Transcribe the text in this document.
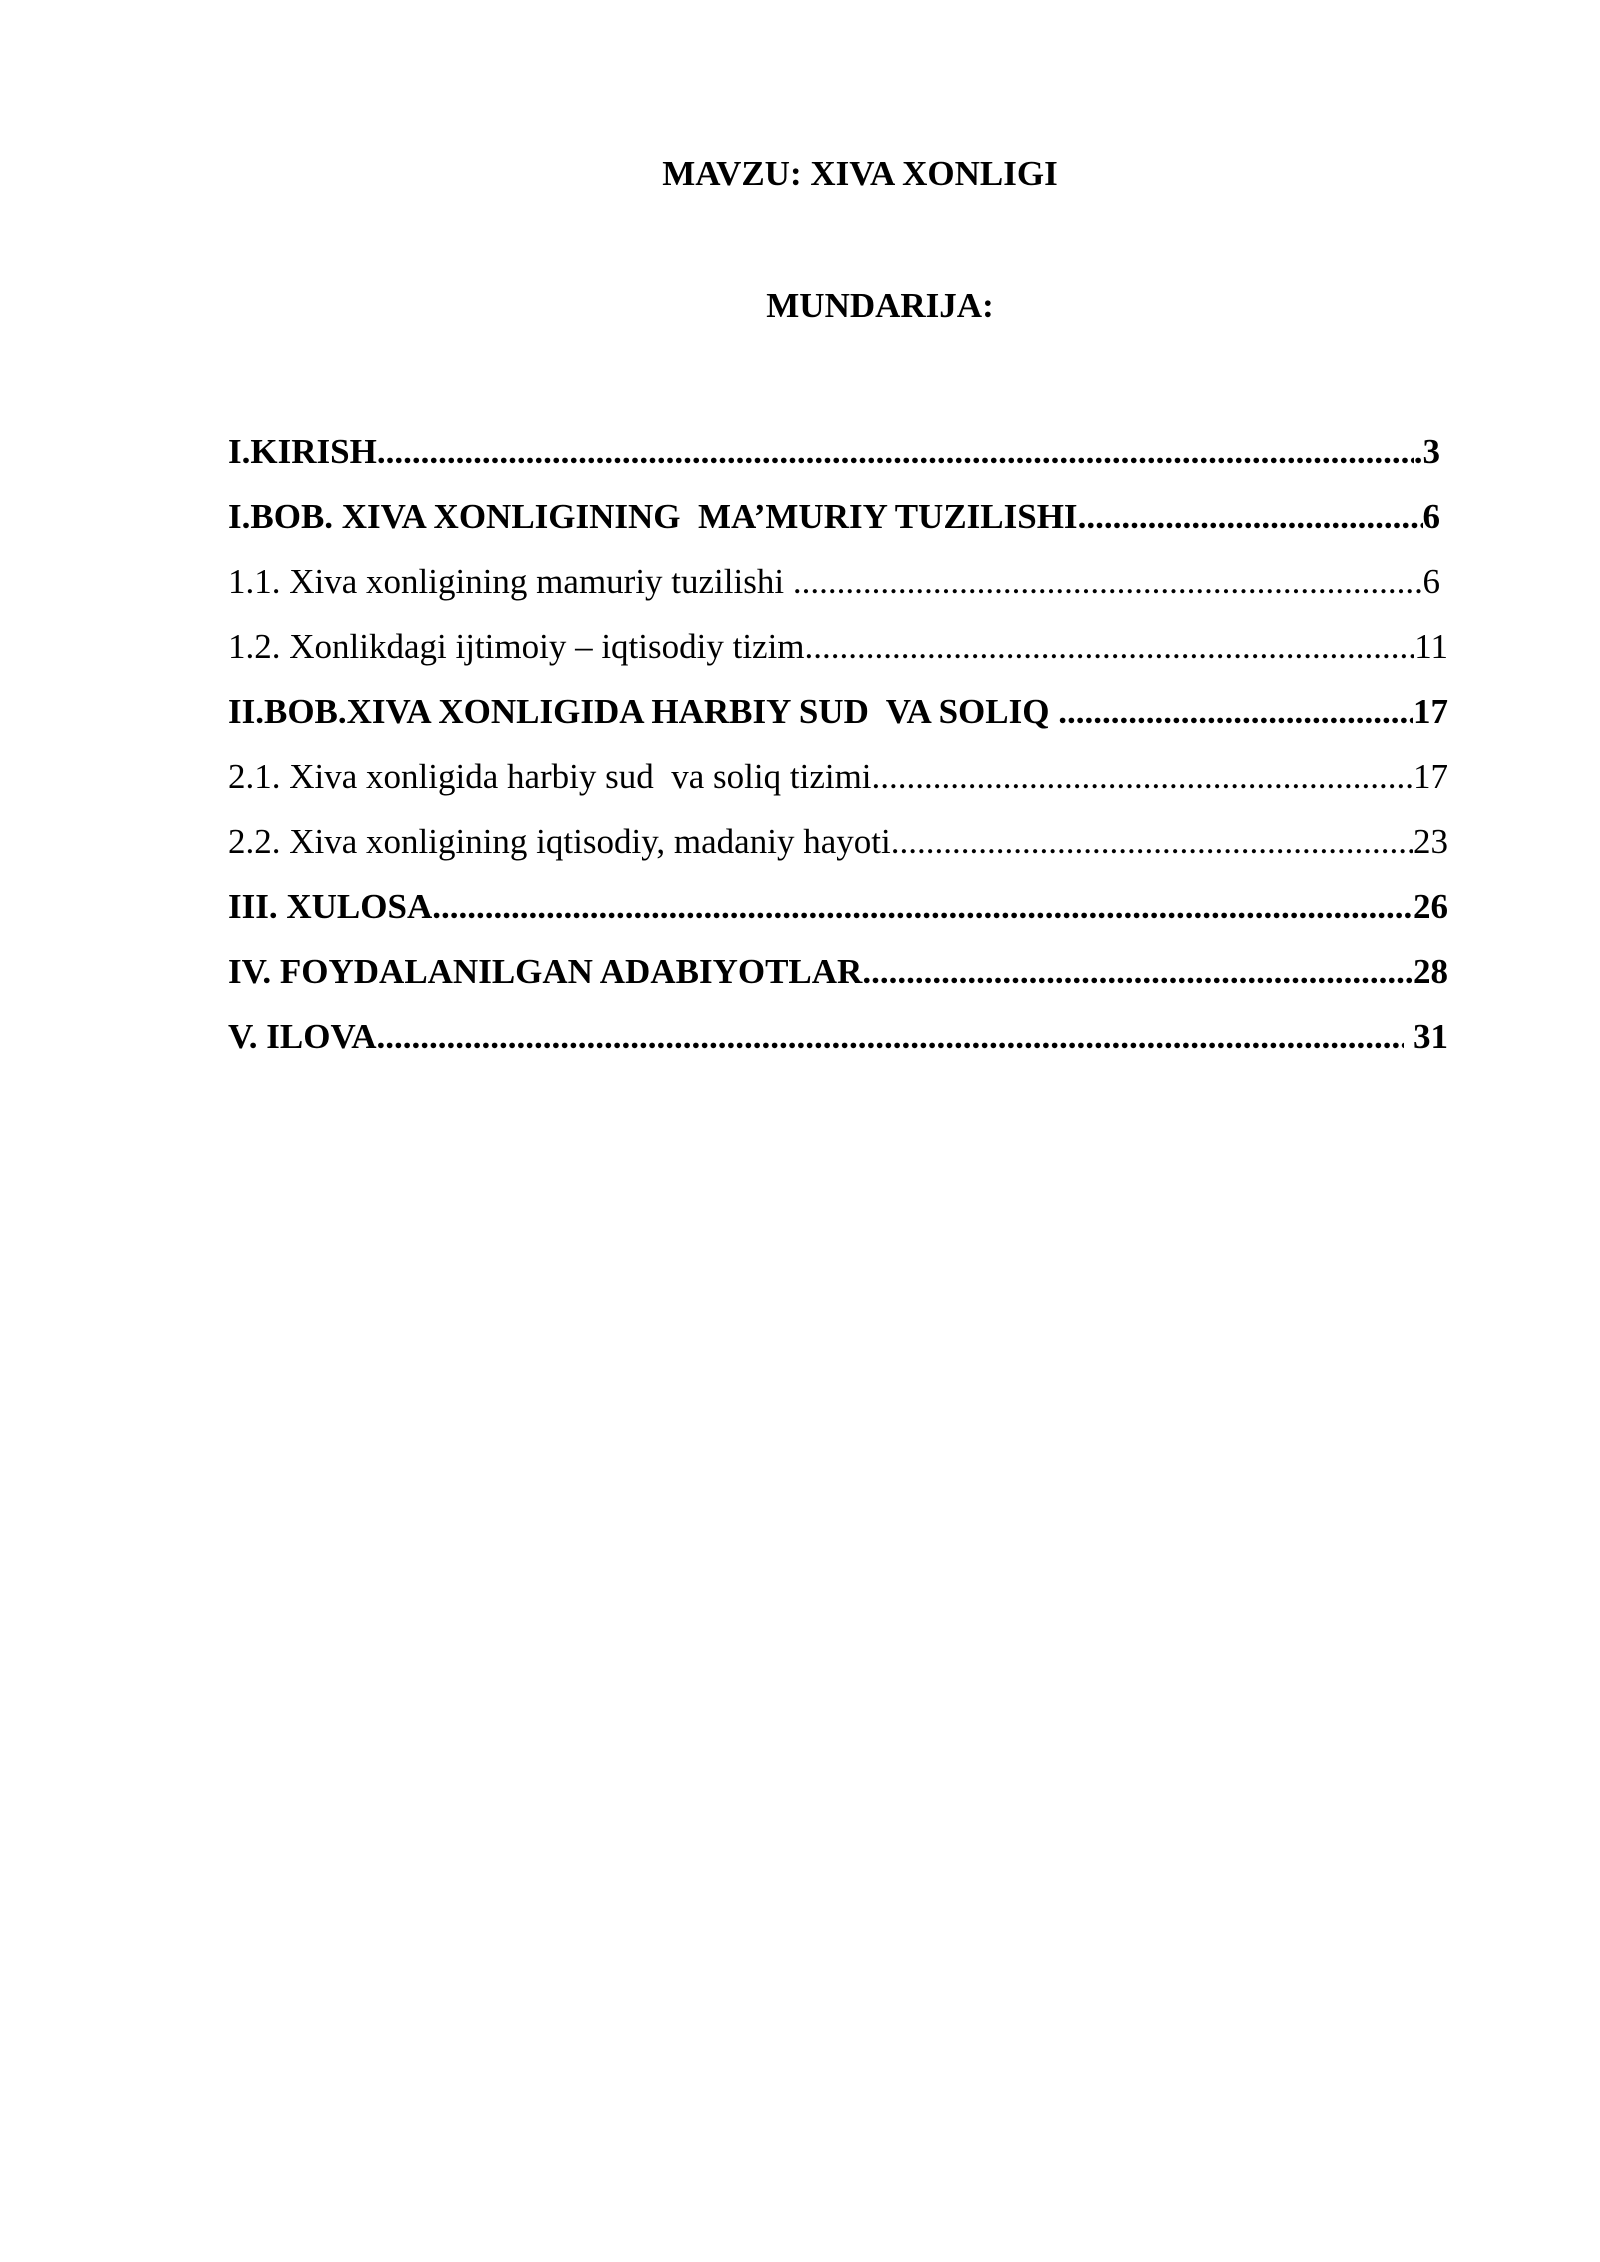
MAVZU: XIVA XONLIGI
MUNDARIJA:
I.KIRISH .....	.3
I.BOB. XIVA XONLIGINING  MA’MURIY TUZILISHI .....	6
1.1. Xiva xonligining mamuriy tuzilishi .....	6
1.2. Xonlikdagi ijtimoiy – iqtisodiy tizim .....	11
II.BOB.XIVA XONLIGIDA HARBIY SUD  VA SOLIQ .....	17
2.1. Xiva xonligida harbiy sud  va soliq tizimi .....	17
2.2. Xiva xonligining iqtisodiy, madaniy hayoti .....	23
III. XULOSA .....	26
IV. FOYDALANILGAN ADABIYOTLAR .....	28
V. ILOVA .....	31
